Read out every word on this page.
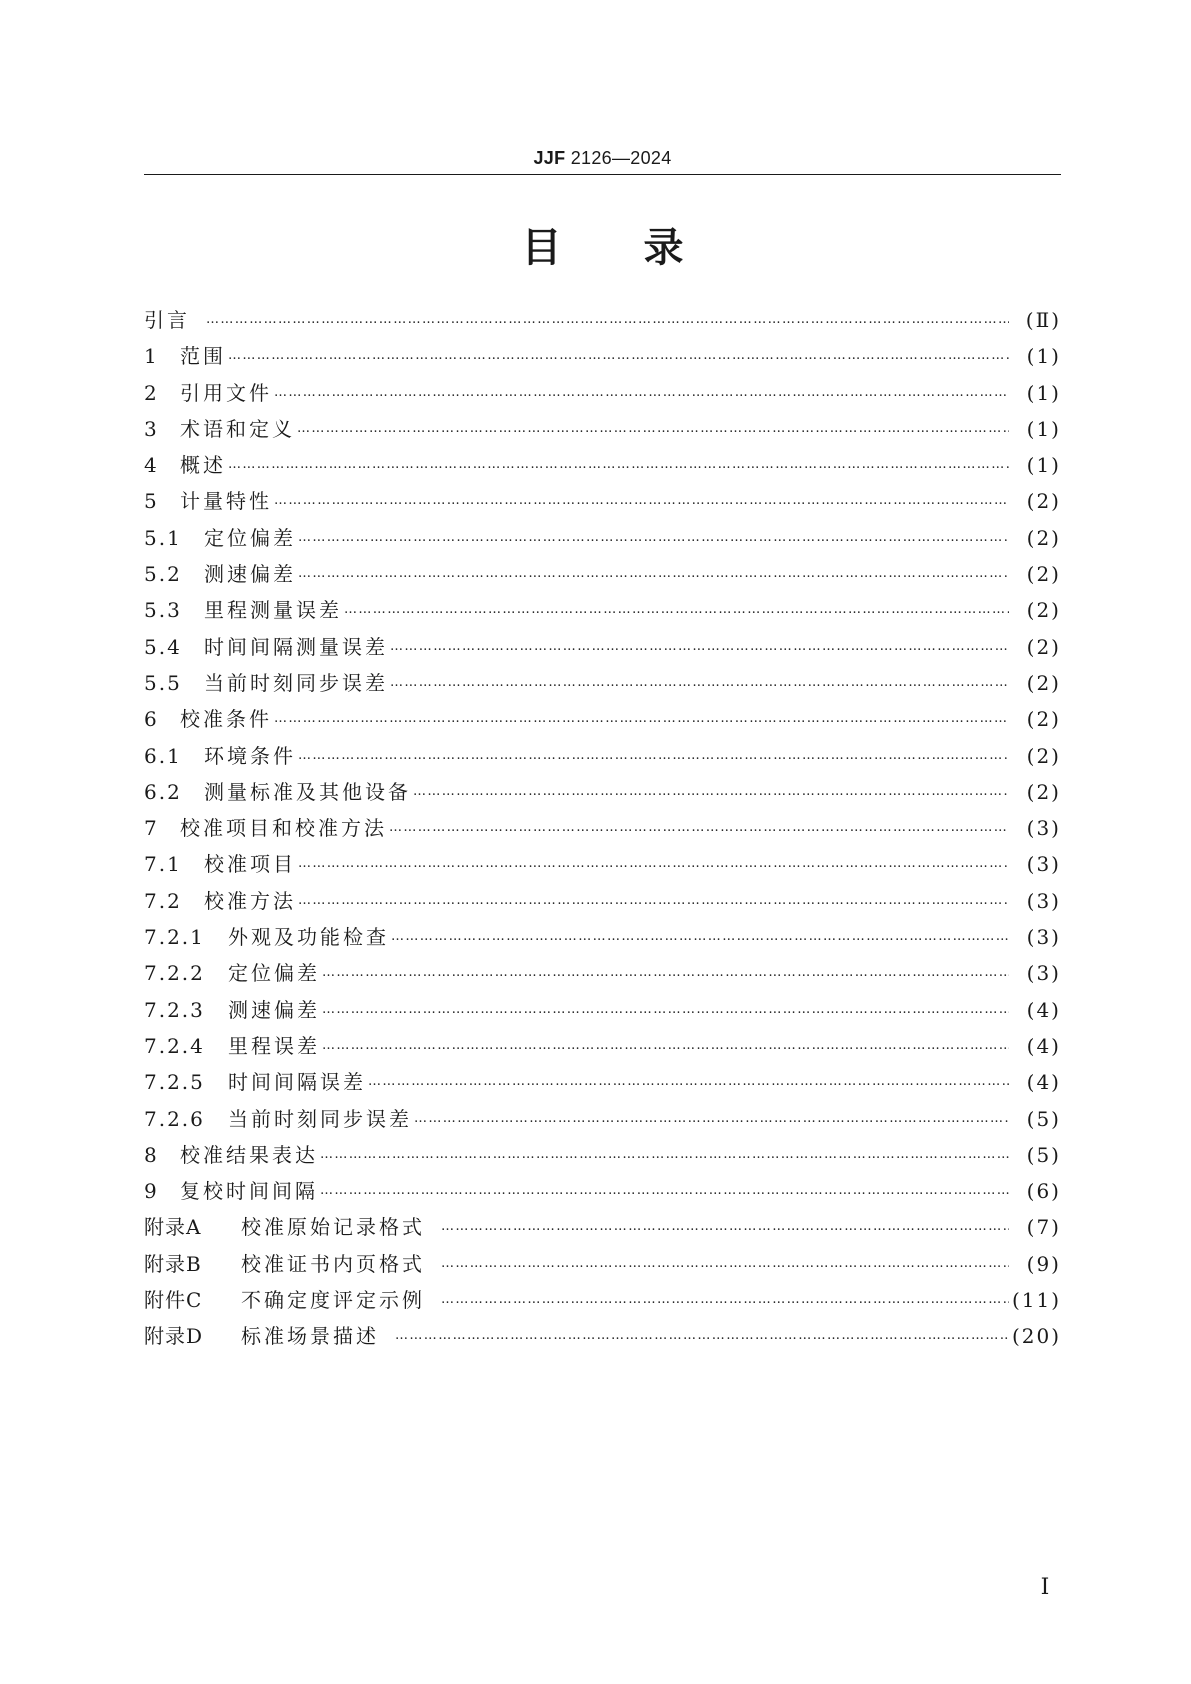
JJF 2126—2024
目录
引言 ………………………………………………………………………………………………………………………………………………………………………………………………………………………………………………	(Ⅱ)
1	范围 ………………………………………………………………………………………………………………………………………………………………………………………………………………………………………………	(1)
2	引用文件 ………………………………………………………………………………………………………………………………………………………………………………………………………………………………………………	(1)
3	术语和定义 ………………………………………………………………………………………………………………………………………………………………………………………………………………………………………………	(1)
4	概述 ………………………………………………………………………………………………………………………………………………………………………………………………………………………………………………	(1)
5	计量特性 ………………………………………………………………………………………………………………………………………………………………………………………………………………………………………………	(2)
5.1	定位偏差 ………………………………………………………………………………………………………………………………………………………………………………………………………………………………………………	(2)
5.2	测速偏差 ………………………………………………………………………………………………………………………………………………………………………………………………………………………………………………	(2)
5.3	里程测量误差 ………………………………………………………………………………………………………………………………………………………………………………………………………………………………………………	(2)
5.4	时间间隔测量误差 ………………………………………………………………………………………………………………………………………………………………………………………………………………………………………………	(2)
5.5	当前时刻同步误差 ………………………………………………………………………………………………………………………………………………………………………………………………………………………………………………	(2)
6	校准条件 ………………………………………………………………………………………………………………………………………………………………………………………………………………………………………………	(2)
6.1	环境条件 ………………………………………………………………………………………………………………………………………………………………………………………………………………………………………………	(2)
6.2	测量标准及其他设备 ………………………………………………………………………………………………………………………………………………………………………………………………………………………………………………	(2)
7	校准项目和校准方法 ………………………………………………………………………………………………………………………………………………………………………………………………………………………………………………	(3)
7.1	校准项目 ………………………………………………………………………………………………………………………………………………………………………………………………………………………………………………	(3)
7.2	校准方法 ………………………………………………………………………………………………………………………………………………………………………………………………………………………………………………	(3)
7.2.1	外观及功能检查 ………………………………………………………………………………………………………………………………………………………………………………………………………………………………………………	(3)
7.2.2	定位偏差 ………………………………………………………………………………………………………………………………………………………………………………………………………………………………………………	(3)
7.2.3	测速偏差 ………………………………………………………………………………………………………………………………………………………………………………………………………………………………………………	(4)
7.2.4	里程误差 ………………………………………………………………………………………………………………………………………………………………………………………………………………………………………………	(4)
7.2.5	时间间隔误差 ………………………………………………………………………………………………………………………………………………………………………………………………………………………………………………	(4)
7.2.6	当前时刻同步误差 ………………………………………………………………………………………………………………………………………………………………………………………………………………………………………………	(5)
8	校准结果表达 ………………………………………………………………………………………………………………………………………………………………………………………………………………………………………………	(5)
9	复校时间间隔 ………………………………………………………………………………………………………………………………………………………………………………………………………………………………………………	(6)
附录A	校准原始记录格式 ………………………………………………………………………………………………………………………………………………………………………………………………………………………………………………	(7)
附录B	校准证书内页格式 ………………………………………………………………………………………………………………………………………………………………………………………………………………………………………………	(9)
附件C	不确定度评定示例 ………………………………………………………………………………………………………………………………………………………………………………………………………………………………………………	(11)
附录D	标准场景描述 ………………………………………………………………………………………………………………………………………………………………………………………………………………………………………………	(20)
Ⅰ
